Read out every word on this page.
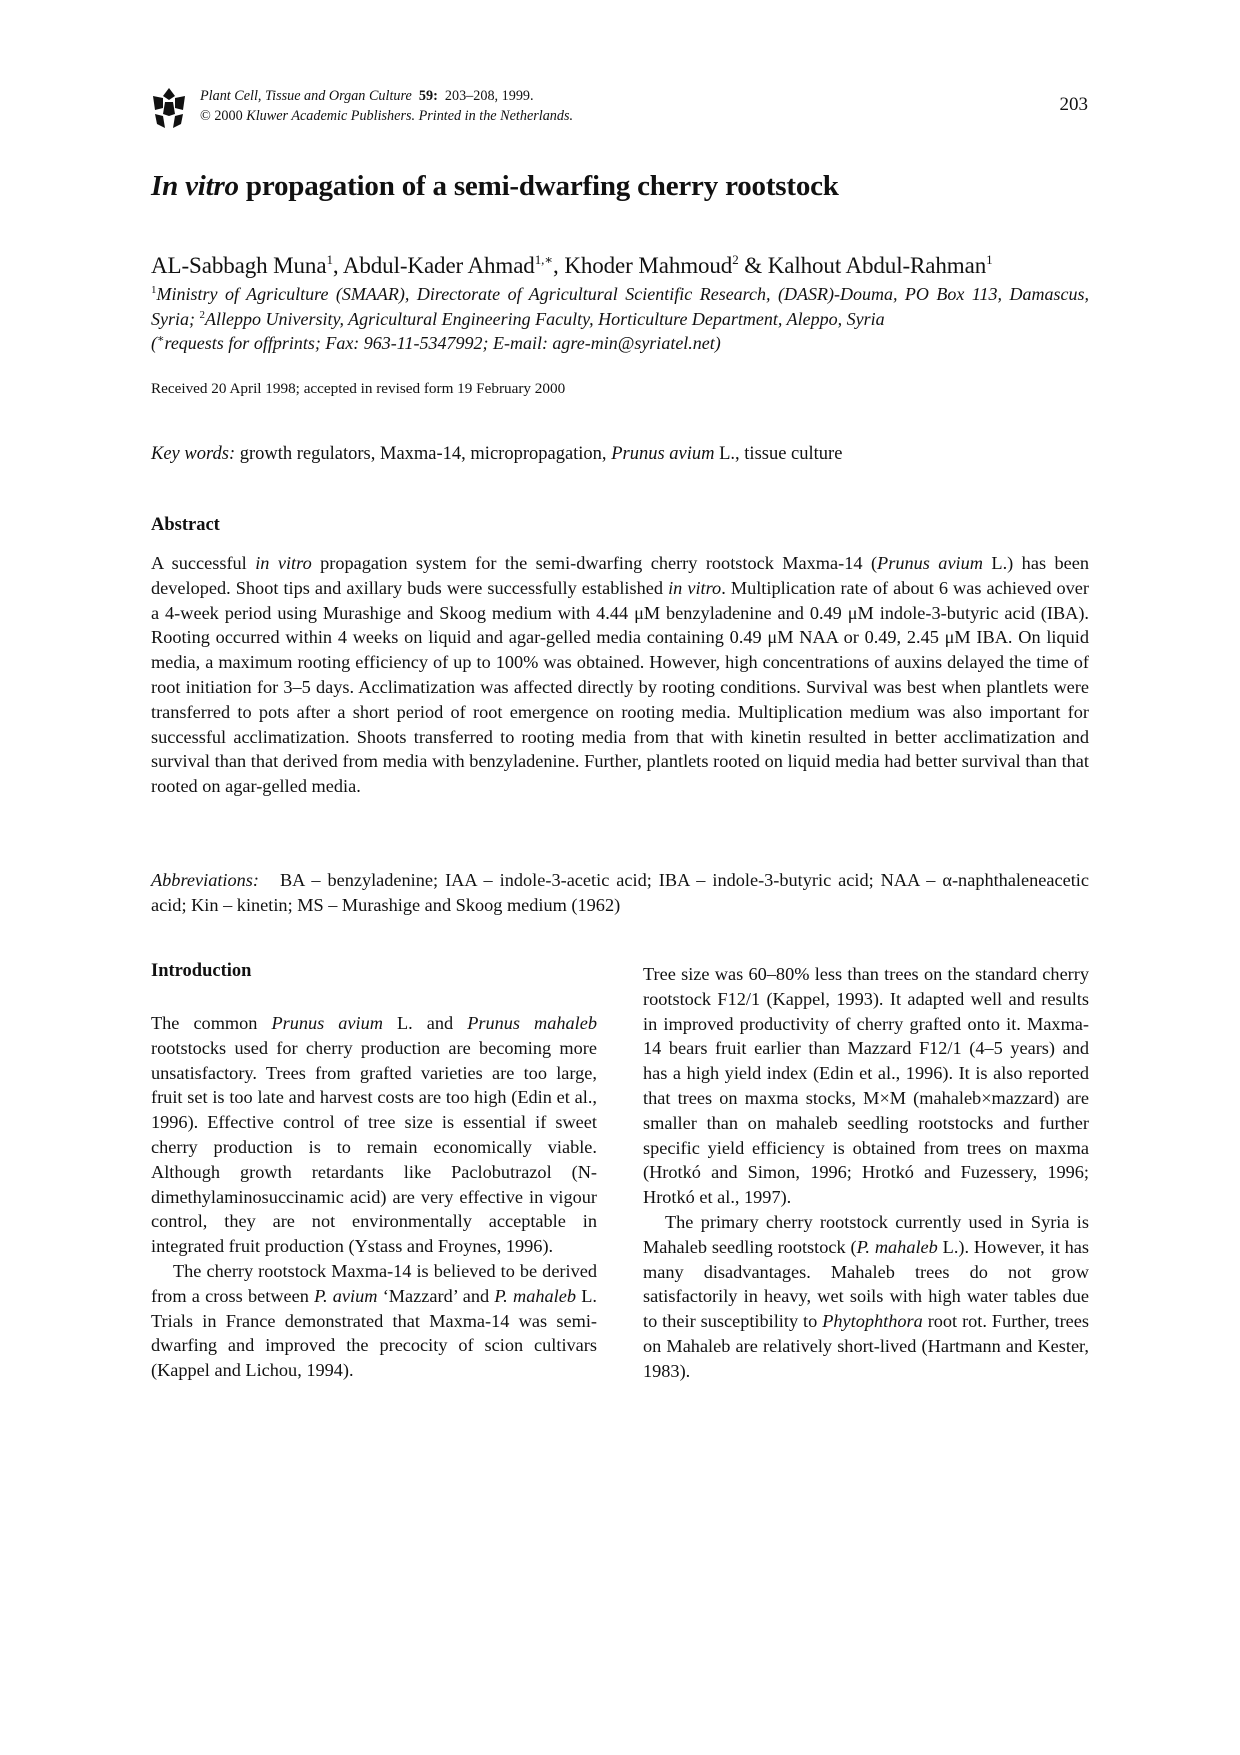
Plant Cell, Tissue and Organ Culture 59: 203–208, 1999.
© 2000 Kluwer Academic Publishers. Printed in the Netherlands.
203
In vitro propagation of a semi-dwarfing cherry rootstock
AL-Sabbagh Muna$^1$, Abdul-Kader Ahmad$^{1,∗}$, Khoder Mahmoud$^2$ & Kalhout Abdul-Rahman$^1$
$^1$Ministry of Agriculture (SMAAR), Directorate of Agricultural Scientific Research, (DASR)-Douma, PO Box 113, Damascus, Syria; $^2$Alleppo University, Agricultural Engineering Faculty, Horticulture Department, Aleppo, Syria
(∗requests for offprints; Fax: 963-11-5347992; E-mail: agre-min@syriatel.net)
Received 20 April 1998; accepted in revised form 19 February 2000
Key words: growth regulators, Maxma-14, micropropagation, Prunus avium L., tissue culture
Abstract
A successful in vitro propagation system for the semi-dwarfing cherry rootstock Maxma-14 (Prunus avium L.) has been developed. Shoot tips and axillary buds were successfully established in vitro. Multiplication rate of about 6 was achieved over a 4-week period using Murashige and Skoog medium with 4.44 μM benzyladenine and 0.49 μM indole-3-butyric acid (IBA). Rooting occurred within 4 weeks on liquid and agar-gelled media containing 0.49 μM NAA or 0.49, 2.45 μM IBA. On liquid media, a maximum rooting efficiency of up to 100% was obtained. However, high concentrations of auxins delayed the time of root initiation for 3–5 days. Acclimatization was affected directly by rooting conditions. Survival was best when plantlets were transferred to pots after a short period of root emergence on rooting media. Multiplication medium was also important for successful acclimatization. Shoots transferred to rooting media from that with kinetin resulted in better acclimatization and survival than that derived from media with benzyladenine. Further, plantlets rooted on liquid media had better survival than that rooted on agar-gelled media.
Abbreviations:   BA – benzyladenine; IAA – indole-3-acetic acid; IBA – indole-3-butyric acid; NAA – α-naphthaleneacetic acid; Kin – kinetin; MS – Murashige and Skoog medium (1962)
Introduction

The common Prunus avium L. and Prunus mahaleb rootstocks used for cherry production are becoming more unsatisfactory. Trees from grafted varieties are too large, fruit set is too late and harvest costs are too high (Edin et al., 1996). Effective control of tree size is essential if sweet cherry production is to remain economically viable. Although growth retardants like Paclobutrazol (N-dimethylaminosuccinamic acid) are very effective in vigour control, they are not environmentally acceptable in integrated fruit production (Ystass and Froynes, 1996).

The cherry rootstock Maxma-14 is believed to be derived from a cross between P. avium ‘Mazzard’ and P. mahaleb L. Trials in France demonstrated that Maxma-14 was semi-dwarfing and improved the precocity of scion cultivars (Kappel and Lichou, 1994).

Tree size was 60–80% less than trees on the standard cherry rootstock F12/1 (Kappel, 1993). It adapted well and results in improved productivity of cherry grafted onto it. Maxma-14 bears fruit earlier than Mazzard F12/1 (4–5 years) and has a high yield index (Edin et al., 1996). It is also reported that trees on maxma stocks, M×M (mahaleb×mazzard) are smaller than on mahaleb seedling rootstocks and further specific yield efficiency is obtained from trees on maxma (Hrotkó and Simon, 1996; Hrotkó and Fuzessery, 1996; Hrotkó et al., 1997).

The primary cherry rootstock currently used in Syria is Mahaleb seedling rootstock (P. mahaleb L.). However, it has many disadvantages. Mahaleb trees do not grow satisfactorily in heavy, wet soils with high water tables due to their susceptibility to Phytophthora root rot. Further, trees on Mahaleb are relatively short-lived (Hartmann and Kester, 1983).
